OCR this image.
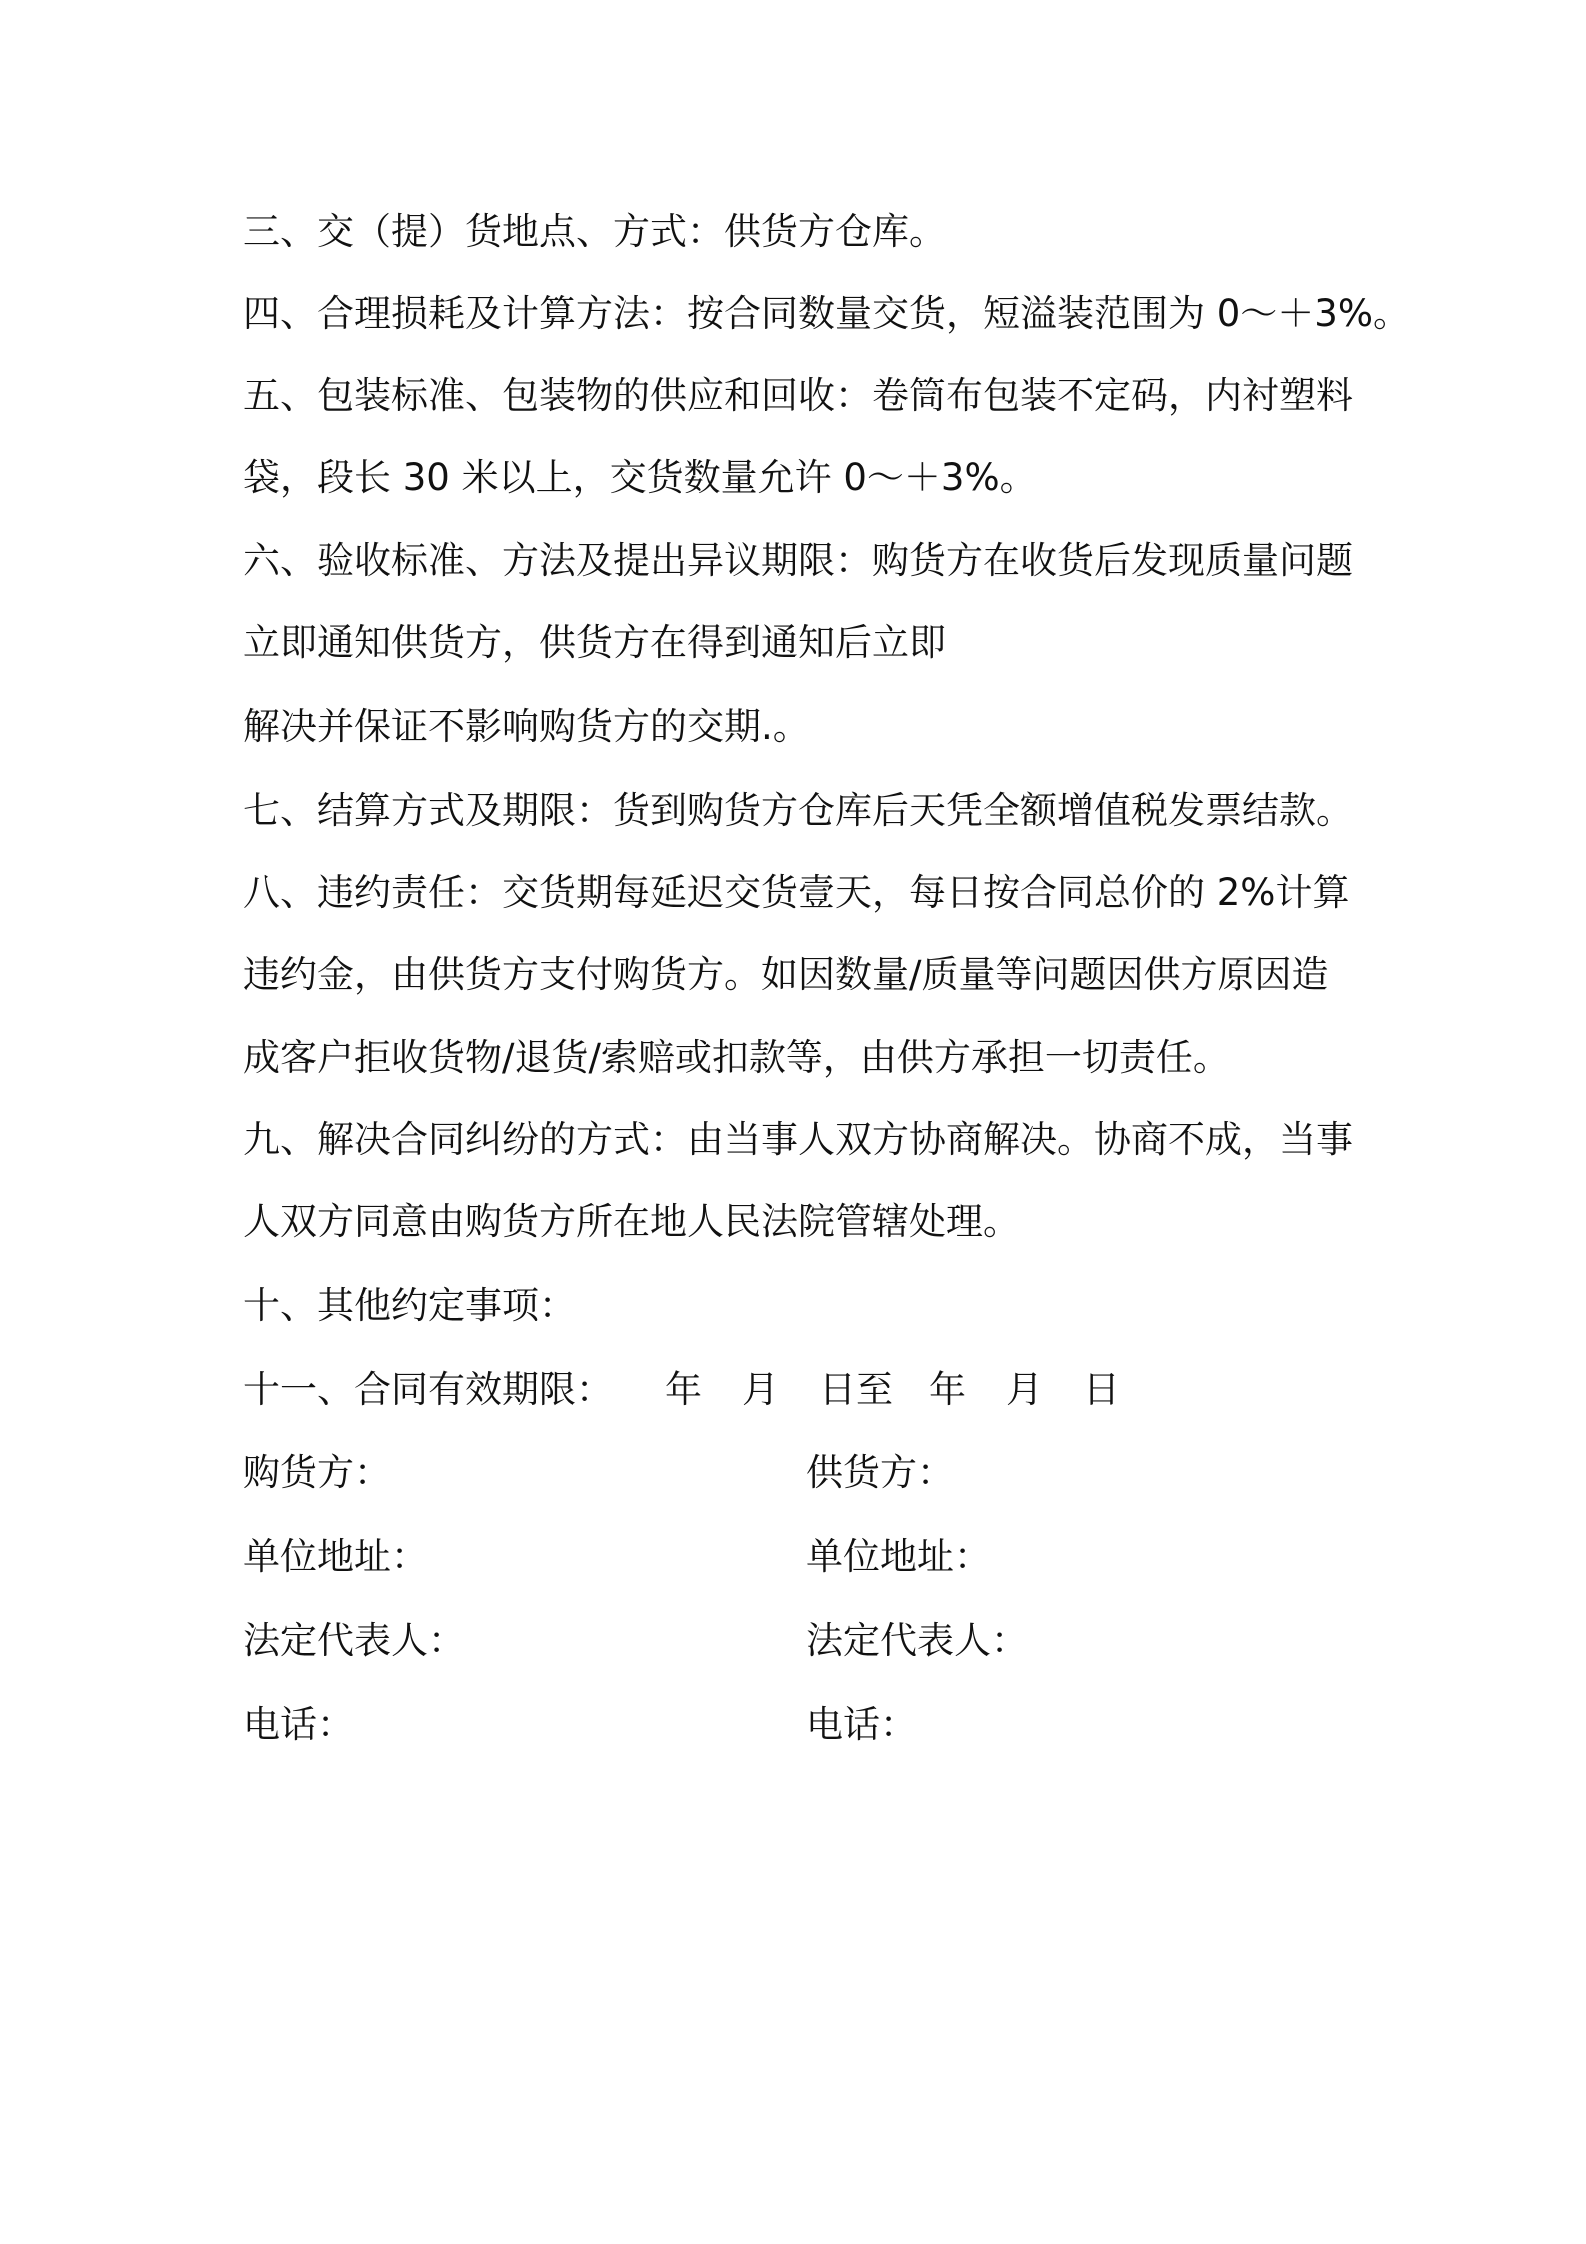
三、交（提）货地点、方式：供货方仓库。
四、合理损耗及计算方法：按合同数量交货，短溢装范围为 0～＋3%。
五、包装标准、包装物的供应和回收：卷筒布包装不定码，内衬塑料
袋，段长 30 米以上，交货数量允许 0～＋3%。
六、验收标准、方法及提出异议期限：购货方在收货后发现质量问题
立即通知供货方，供货方在得到通知后立即
解决并保证不影响购货方的交期.。
七、结算方式及期限：货到购货方仓库后天凭全额增值税发票结款。
八、违约责任：交货期每延迟交货壹天，每日按合同总价的 2%计算
违约金，由供货方支付购货方。如因数量/质量等问题因供方原因造
成客户拒收货物/退货/索赔或扣款等，由供方承担一切责任。
九、解决合同纠纷的方式：由当事人双方协商解决。协商不成，当事
人双方同意由购货方所在地人民法院管辖处理。
十、其他约定事项：
十一、合同有效期限： 年 月 日至 年 月 日
购货方：	供货方：
单位地址：	单位地址：
法定代表人：	法定代表人：
电话：	电话：
